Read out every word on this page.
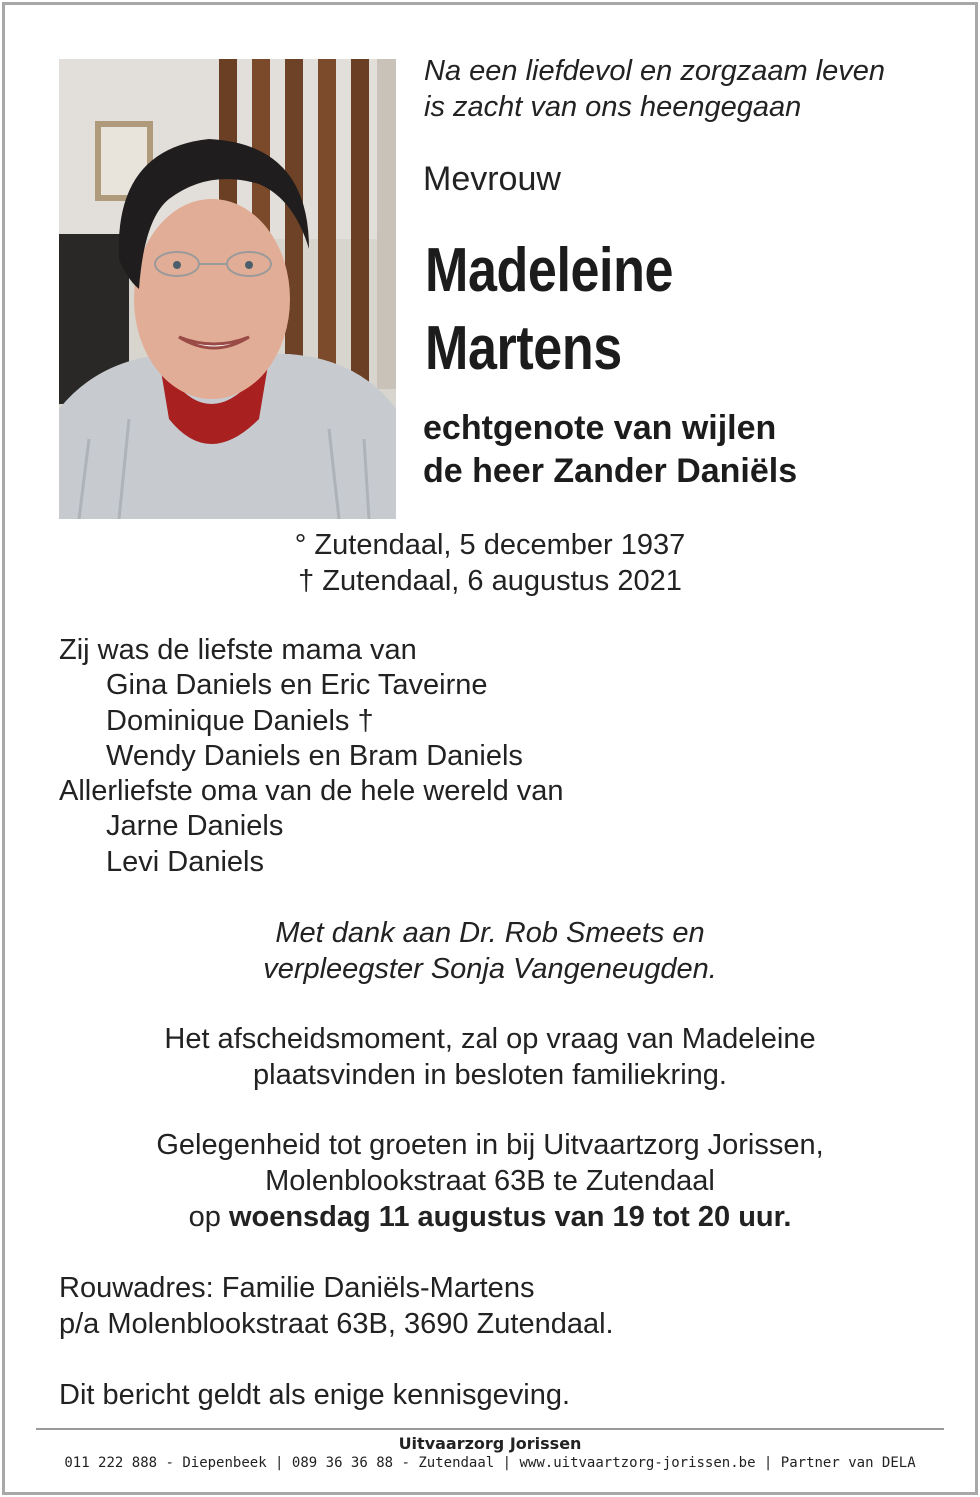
Na een liefdevol en zorgzaam leven
is zacht van ons heengegaan
Mevrouw
Madeleine
Martens
echtgenote van wijlen
de heer Zander Daniëls
° Zutendaal, 5 december 1937
† Zutendaal, 6 augustus 2021
Zij was de liefste mama van
Gina Daniels en Eric Taveirne
Dominique Daniels †
Wendy Daniels en Bram Daniels
Allerliefste oma van de hele wereld van
Jarne Daniels
Levi Daniels
Met dank aan Dr. Rob Smeets en
verpleegster Sonja Vangeneugden.
Het afscheidsmoment, zal op vraag van Madeleine
plaatsvinden in besloten familiekring.
Gelegenheid tot groeten in bij Uitvaartzorg Jorissen,
Molenblookstraat 63B te Zutendaal
op woensdag 11 augustus van 19 tot 20 uur.
Rouwadres: Familie Daniëls-Martens
p/a Molenblookstraat 63B, 3690 Zutendaal.
Dit bericht geldt als enige kennisgeving.
Uitvaarzorg Jorissen
011 222 888 - Diepenbeek | 089 36 36 88 - Zutendaal | www.uitvaartzorg-jorissen.be | Partner van DELA
